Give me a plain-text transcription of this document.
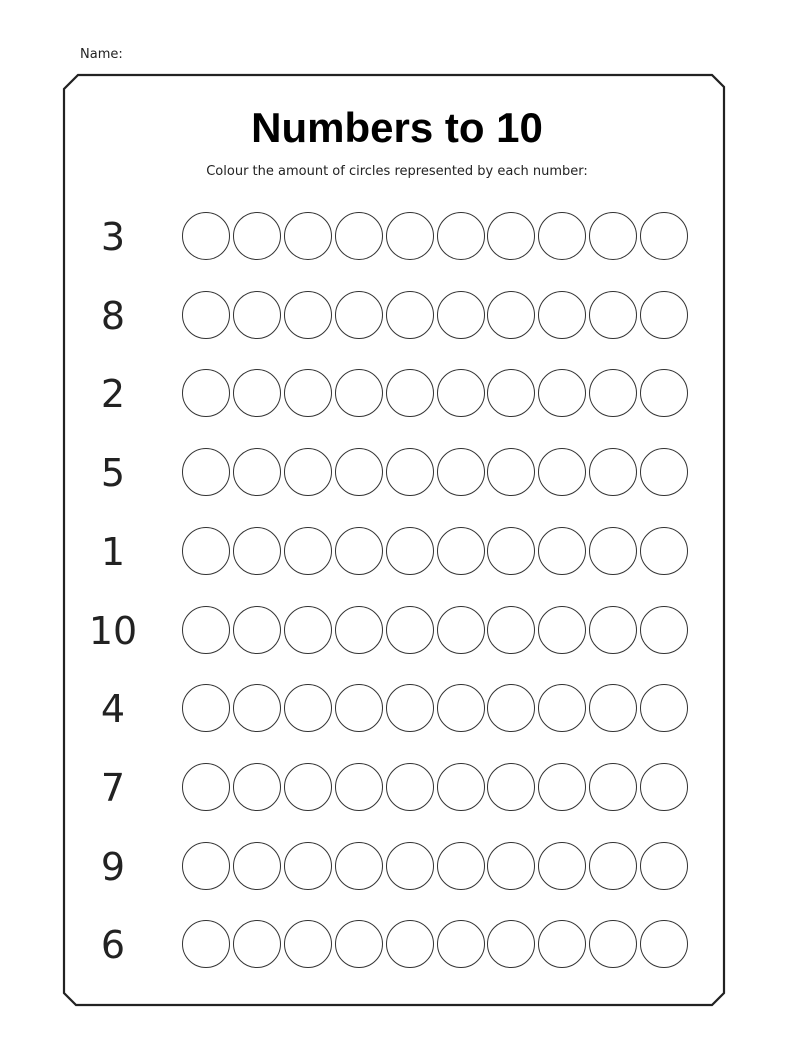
Name:
Numbers to 10
Colour the amount of circles represented by each number:
3
8
2
5
1
10
4
7
9
6
